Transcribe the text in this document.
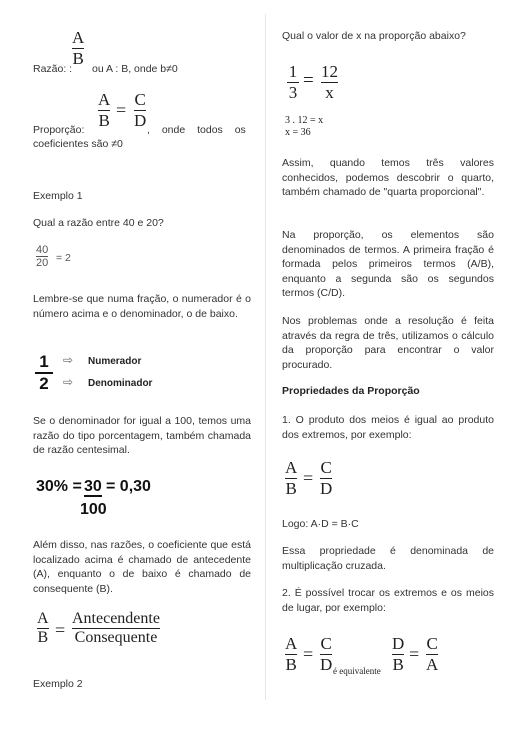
Razão: :
A
B
ou A : B, onde b≠0
Proporção:
A
B
=
C
D , onde todos os
coeficientes são ≠0
Exemplo 1
Qual a razão entre 40 e 20?
40
20 = 2

Lembre-se que numa fração, o numerador é o número acima e o denominador, o de baixo.

1
2
⇨ Numerador
⇨ Denominador

Se o denominador for igual a 100, temos uma razão do tipo porcentagem, também chamada de razão centesimal.

30% = 30 = 0,30
100

Além disso, nas razões, o coeficiente que está localizado acima é chamado de antecedente (A), enquanto o de baixo é chamado de consequente (B).

A
B =
Antecendente
Consequente
Exemplo 2
Qual o valor de x na proporção abaixo?
1
3
= 12
x
3 . 12 = x
x = 36

Assim, quando temos três valores conhecidos, podemos descobrir o quarto, também chamado de "quarta proporcional".

Na proporção, os elementos são denominados de termos. A primeira fração é formada pelos primeiros termos (A/B), enquanto a segunda são os segundos termos (C/D).

Nos problemas onde a resolução é feita através da regra de três, utilizamos o cálculo da proporção para encontrar o valor procurado.

Propriedades da Proporção

1. O produto dos meios é igual ao produto dos extremos, por exemplo:

A
B
=
C
D
Logo: A·D = B·C

Essa propriedade é denominada de multiplicação cruzada.

2. É possível trocar os extremos e os meios de lugar, por exemplo:

A
B
=
C
D é equivalente
D
B
=
C
A
